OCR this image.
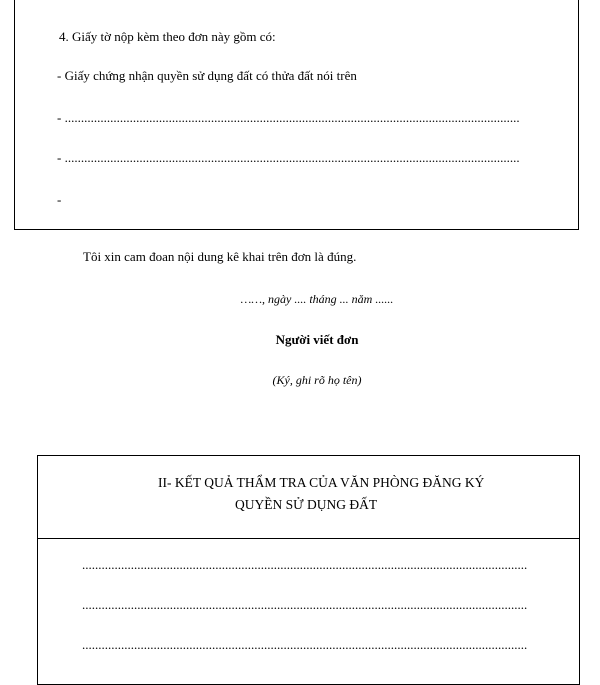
4. Giấy tờ nộp kèm theo đơn này gồm có:
- Giấy chứng nhận quyền sử dụng đất có thửa đất nói trên
- ............................................................................................................................................
- ............................................................................................................................................
-
Tôi xin cam đoan nội dung kê khai trên đơn là đúng.
……, ngày .... tháng ... năm ......
Người viết đơn
(Ký, ghi rõ họ tên)
II- KẾT QUẢ THẨM TRA CỦA VĂN PHÒNG ĐĂNG KÝ
QUYỀN SỬ DỤNG ĐẤT
.........................................................................................................................................
.........................................................................................................................................
.........................................................................................................................................
